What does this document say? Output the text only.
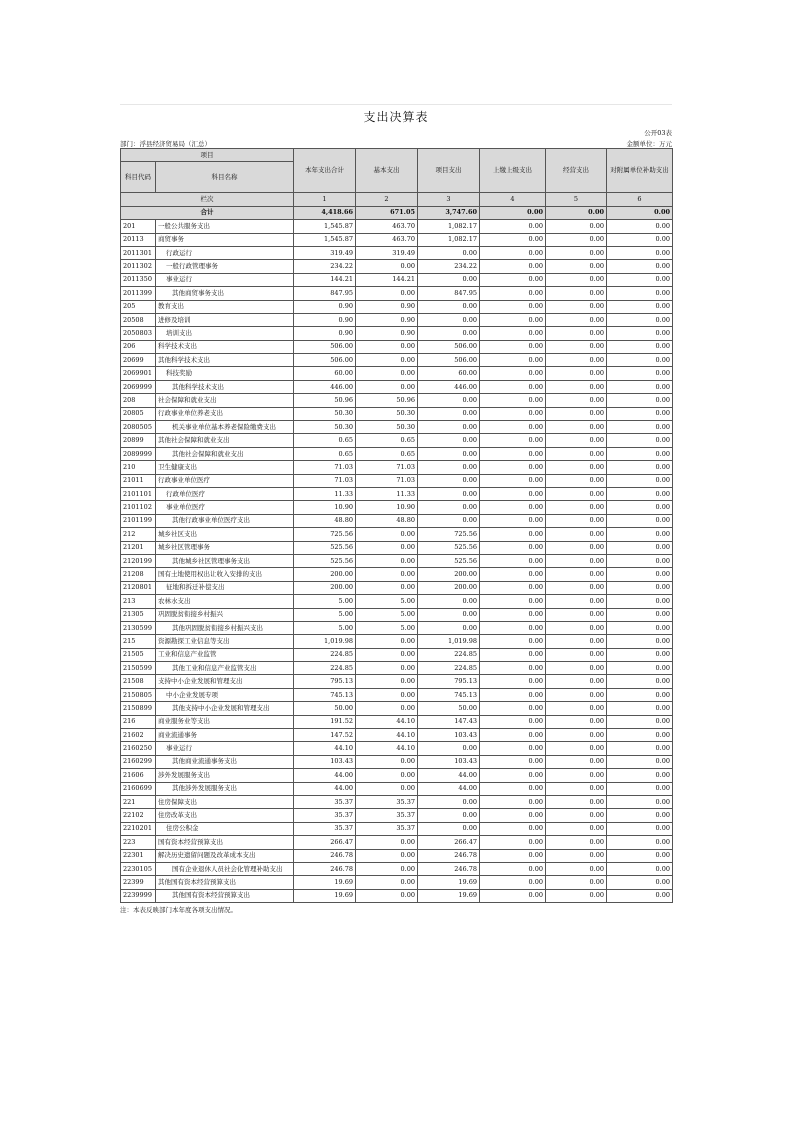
支出决算表
公开03表
部门：浮县经济贸易局（汇总）	金额单位：万元
项目		本年支出合计	基本支出	项目支出	上缴上级支出	经营支出	对附属单位补助支出
科目代码	科目名称						

栏次		1	2	3	4	5	6
合计		4,418.66	671.05	3,747.60	0.00	0.00	0.00
201	一般公共服务支出	1,545.87	463.70	1,082.17	0.00	0.00	0.00
20113	商贸事务	1,545.87	463.70	1,082.17	0.00	0.00	0.00
2011301	行政运行	319.49	319.49	0.00	0.00	0.00	0.00
2011302	一般行政管理事务	234.22	0.00	234.22	0.00	0.00	0.00
2011350	事业运行	144.21	144.21	0.00	0.00	0.00	0.00
2011399	其他商贸事务支出	847.95	0.00	847.95	0.00	0.00	0.00
205	教育支出	0.90	0.90	0.00	0.00	0.00	0.00
20508	进修及培训	0.90	0.90	0.00	0.00	0.00	0.00
2050803	培训支出	0.90	0.90	0.00	0.00	0.00	0.00
206	科学技术支出	506.00	0.00	506.00	0.00	0.00	0.00
20699	其他科学技术支出	506.00	0.00	506.00	0.00	0.00	0.00
2069901	科技奖励	60.00	0.00	60.00	0.00	0.00	0.00
2069999	其他科学技术支出	446.00	0.00	446.00	0.00	0.00	0.00
208	社会保障和就业支出	50.96	50.96	0.00	0.00	0.00	0.00
20805	行政事业单位养老支出	50.30	50.30	0.00	0.00	0.00	0.00
2080505	机关事业单位基本养老保险缴费支出	50.30	50.30	0.00	0.00	0.00	0.00
20899	其他社会保障和就业支出	0.65	0.65	0.00	0.00	0.00	0.00
2089999	其他社会保障和就业支出	0.65	0.65	0.00	0.00	0.00	0.00
210	卫生健康支出	71.03	71.03	0.00	0.00	0.00	0.00
21011	行政事业单位医疗	71.03	71.03	0.00	0.00	0.00	0.00
2101101	行政单位医疗	11.33	11.33	0.00	0.00	0.00	0.00
2101102	事业单位医疗	10.90	10.90	0.00	0.00	0.00	0.00
2101199	其他行政事业单位医疗支出	48.80	48.80	0.00	0.00	0.00	0.00
212	城乡社区支出	725.56	0.00	725.56	0.00	0.00	0.00
21201	城乡社区管理事务	525.56	0.00	525.56	0.00	0.00	0.00
2120199	其他城乡社区管理事务支出	525.56	0.00	525.56	0.00	0.00	0.00
21208	国有土地使用权出让收入安排的支出	200.00	0.00	200.00	0.00	0.00	0.00
2120801	征地和拆迁补偿支出	200.00	0.00	200.00	0.00	0.00	0.00
213	农林水支出	5.00	5.00	0.00	0.00	0.00	0.00
21305	巩固脱贫衔接乡村振兴	5.00	5.00	0.00	0.00	0.00	0.00
2130599	其他巩固脱贫衔接乡村振兴支出	5.00	5.00	0.00	0.00	0.00	0.00
215	资源勘探工业信息等支出	1,019.98	0.00	1,019.98	0.00	0.00	0.00
21505	工业和信息产业监管	224.85	0.00	224.85	0.00	0.00	0.00
2150599	其他工业和信息产业监管支出	224.85	0.00	224.85	0.00	0.00	0.00
21508	支持中小企业发展和管理支出	795.13	0.00	795.13	0.00	0.00	0.00
2150805	中小企业发展专项	745.13	0.00	745.13	0.00	0.00	0.00
2150899	其他支持中小企业发展和管理支出	50.00	0.00	50.00	0.00	0.00	0.00
216	商业服务业等支出	191.52	44.10	147.43	0.00	0.00	0.00
21602	商业流通事务	147.52	44.10	103.43	0.00	0.00	0.00
2160250	事业运行	44.10	44.10	0.00	0.00	0.00	0.00
2160299	其他商业流通事务支出	103.43	0.00	103.43	0.00	0.00	0.00
21606	涉外发展服务支出	44.00	0.00	44.00	0.00	0.00	0.00
2160699	其他涉外发展服务支出	44.00	0.00	44.00	0.00	0.00	0.00
221	住房保障支出	35.37	35.37	0.00	0.00	0.00	0.00
22102	住房改革支出	35.37	35.37	0.00	0.00	0.00	0.00
2210201	住房公积金	35.37	35.37	0.00	0.00	0.00	0.00
223	国有资本经营预算支出	266.47	0.00	266.47	0.00	0.00	0.00
22301	解决历史遗留问题及改革成本支出	246.78	0.00	246.78	0.00	0.00	0.00
2230105	国有企业退休人员社会化管理补助支出	246.78	0.00	246.78	0.00	0.00	0.00
22399	其他国有资本经营预算支出	19.69	0.00	19.69	0.00	0.00	0.00
2239999	其他国有资本经营预算支出	19.69	0.00	19.69	0.00	0.00	0.00
注：本表反映部门本年度各项支出情况。
